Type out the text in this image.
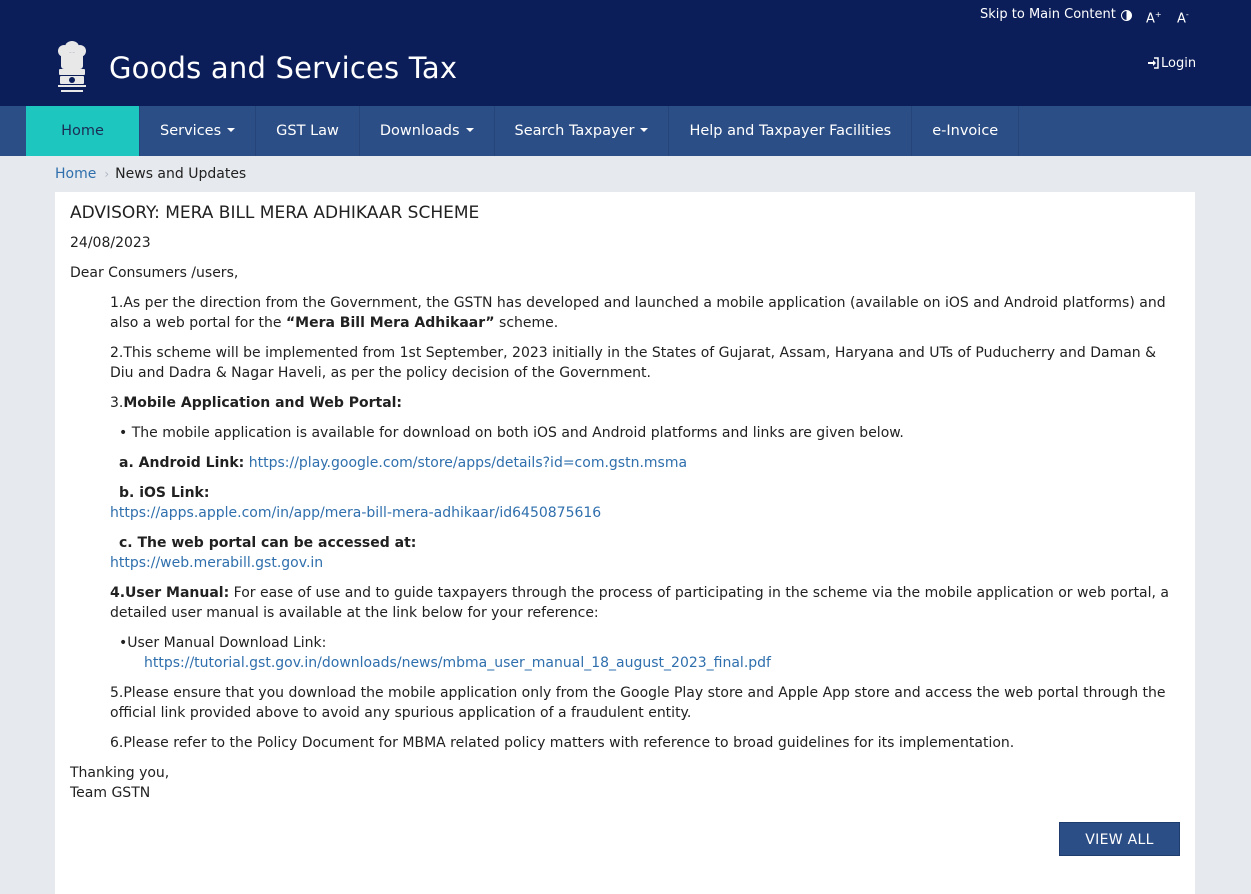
Skip to Main Content A+ A-
Goods and Services Tax	Login
Home	Services	GST Law	Downloads	Search Taxpayer	Help and Taxpayer Facilities	e-Invoice
Home › News and Updates
ADVISORY: MERA BILL MERA ADHIKAAR SCHEME
24/08/2023
Dear Consumers /users,
1.As per the direction from the Government, the GSTN has developed and launched a mobile application (available on iOS and Android platforms) and also a web portal for the “Mera Bill Mera Adhikaar” scheme.
2.This scheme will be implemented from 1st September, 2023 initially in the States of Gujarat, Assam, Haryana and UTs of Puducherry and Daman & Diu and Dadra & Nagar Haveli, as per the policy decision of the Government.
3.Mobile Application and Web Portal:
• The mobile application is available for download on both iOS and Android platforms and links are given below.
a. Android Link: https://play.google.com/store/apps/details?id=com.gstn.msma
b. iOS Link:
https://apps.apple.com/in/app/mera-bill-mera-adhikaar/id6450875616
c. The web portal can be accessed at:
https://web.merabill.gst.gov.in
4.User Manual: For ease of use and to guide taxpayers through the process of participating in the scheme via the mobile application or web portal, a detailed user manual is available at the link below for your reference:
•User Manual Download Link:
https://tutorial.gst.gov.in/downloads/news/mbma_user_manual_18_august_2023_final.pdf
5.Please ensure that you download the mobile application only from the Google Play store and Apple App store and access the web portal through the official link provided above to avoid any spurious application of a fraudulent entity.
6.Please refer to the Policy Document for MBMA related policy matters with reference to broad guidelines for its implementation.
Thanking you,
Team GSTN
VIEW ALL
